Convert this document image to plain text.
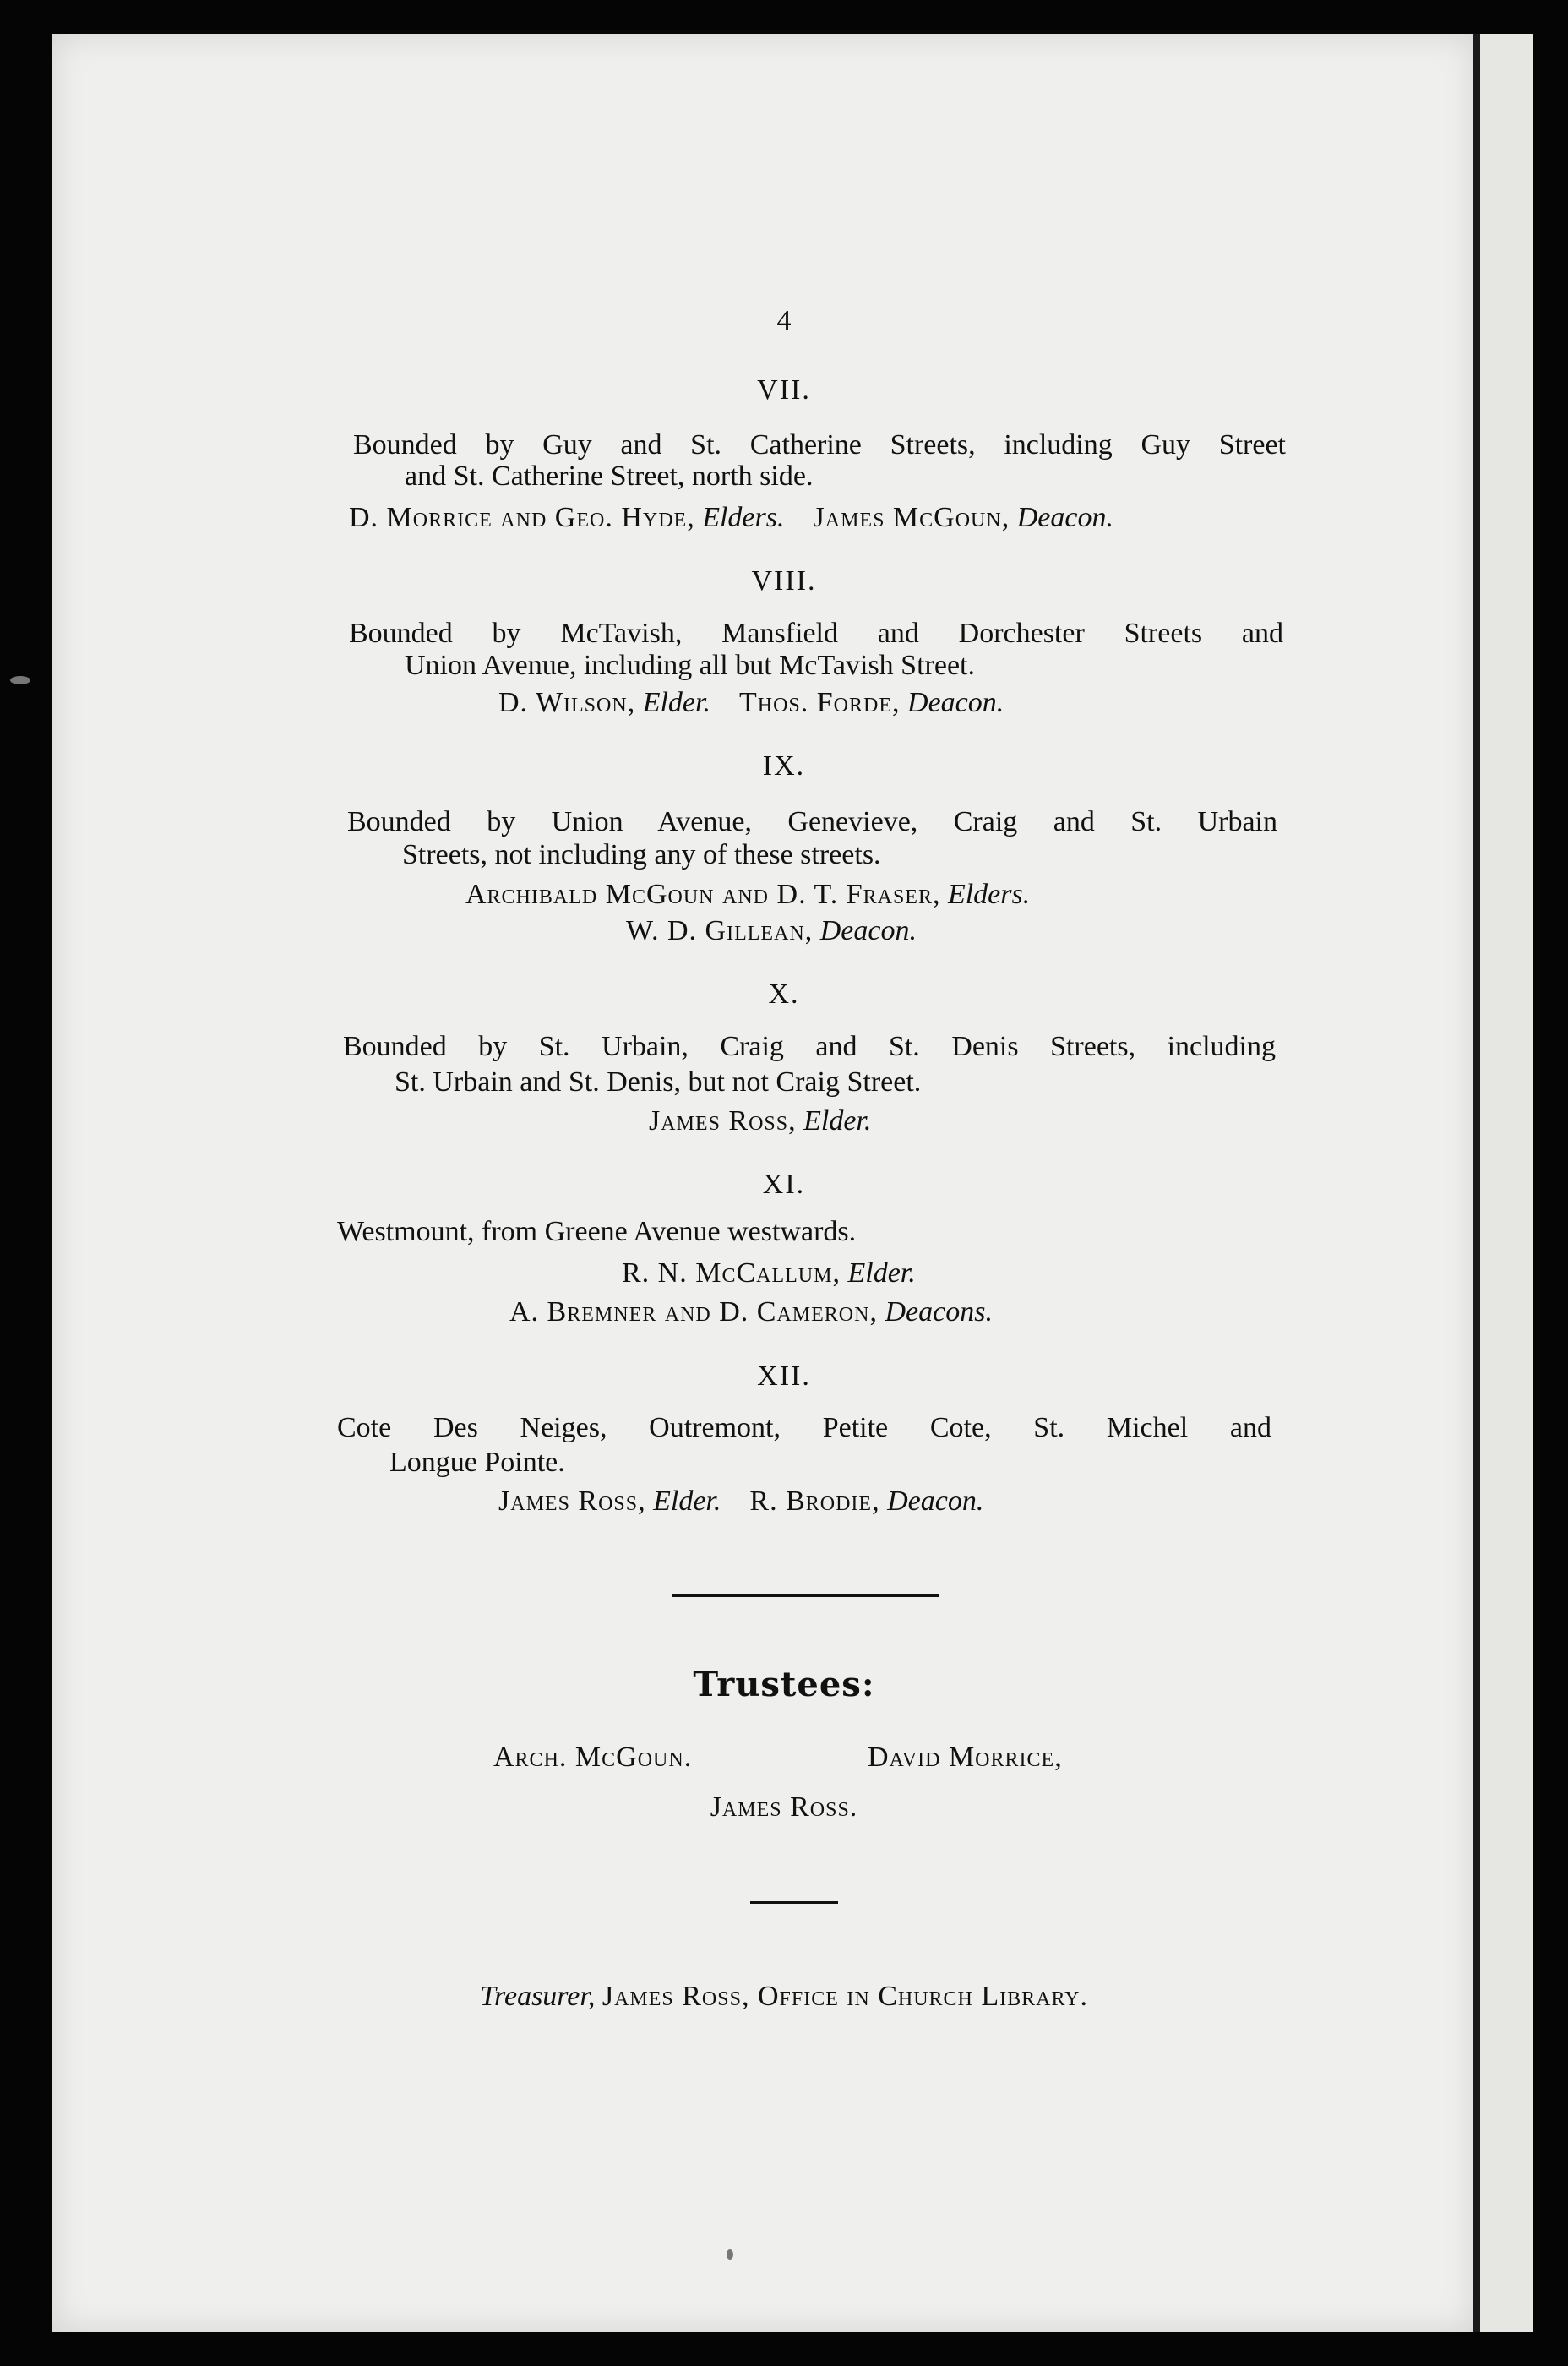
4
VII.
Bounded by Guy and St. Catherine Streets, including Guy Street
and St. Catherine Street, north side.
D. Morrice and Geo. Hyde, Elders. James McGoun, Deacon.
VIII.
Bounded by McTavish, Mansfield and Dorchester Streets and
Union Avenue, including all but McTavish Street.
D. Wilson, Elder. Thos. Forde, Deacon.
IX.
Bounded by Union Avenue, Genevieve, Craig and St. Urbain
Streets, not including any of these streets.
Archibald McGoun and D. T. Fraser, Elders.
W. D. Gillean, Deacon.
X.
Bounded by St. Urbain, Craig and St. Denis Streets, including
St. Urbain and St. Denis, but not Craig Street.
James Ross, Elder.
XI.
Westmount, from Greene Avenue westwards.
R. N. McCallum, Elder.
A. Bremner and D. Cameron, Deacons.
XII.
Cote Des Neiges, Outremont, Petite Cote, St. Michel and
Longue Pointe.
James Ross, Elder. R. Brodie, Deacon.
Trustees:
Arch. McGoun.	David Morrice,
James Ross.
Treasurer, James Ross, Office in Church Library.
